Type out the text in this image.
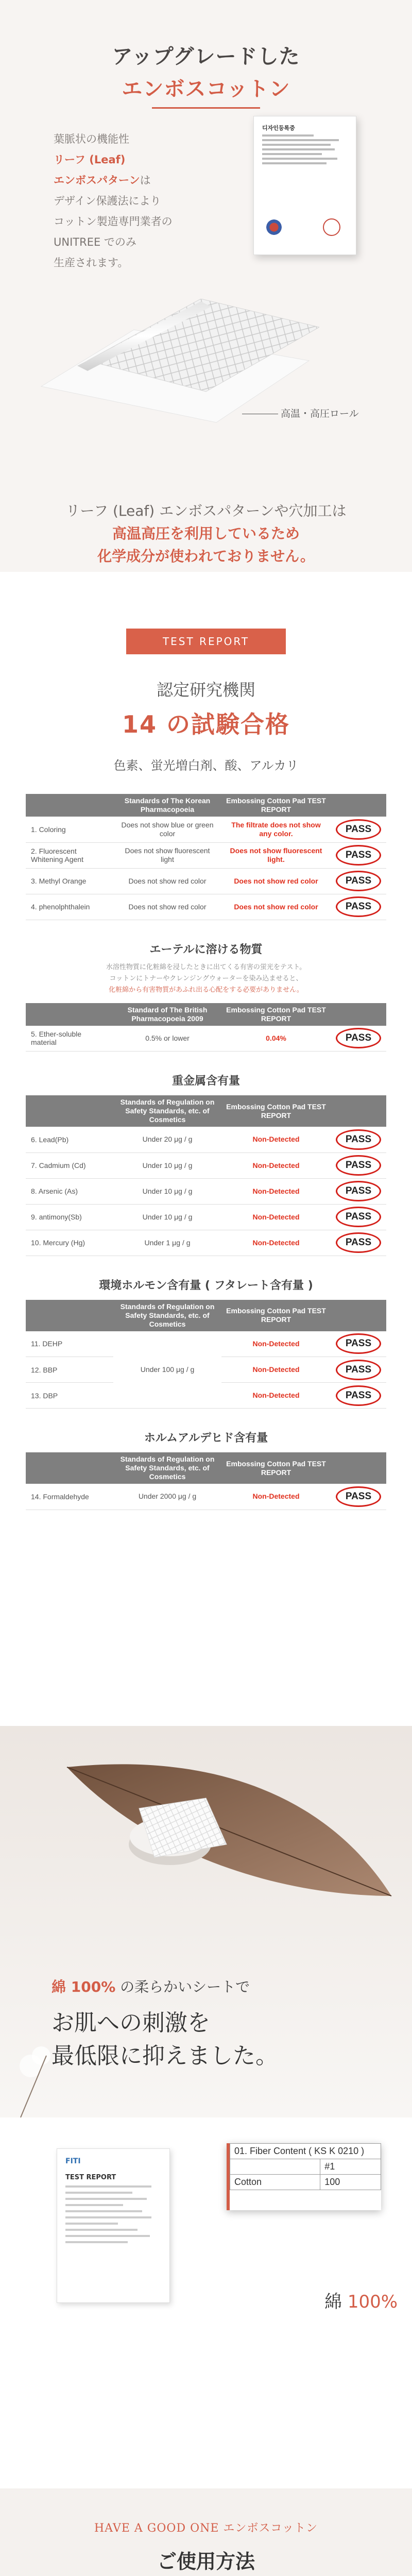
アップグレードした
エンボスコットン
葉脈状の機能性
リーフ (Leaf)
エンボスパターンは
デザイン保護法により
コットン製造専門業者の
UNITREE でのみ
生産されます。
디자인등록증
高温・高圧ロール
リーフ (Leaf) エンボスパターンや穴加工は
高温高圧を利用しているため
化学成分が使われておりません。
TEST REPORT
認定研究機関
14 の試験合格
色素、蛍光増白剤、酸、アルカリ
	Standards of The Korean Pharmacopoeia	Embossing Cotton Pad TEST REPORT	
1. Coloring	Does not show blue or green color	The filtrate does not show any color.	PASS
2. Fluorescent Whitening Agent	Does not show fluorescent light	Does not show fluorescent light.	PASS
3. Methyl Orange	Does not show red color	Does not show red color	PASS
4. phenolphthalein	Does not show red color	Does not show red color	PASS
エーテルに溶ける物質
水溶性物質に化粧綿を浸したときに出てくる有害の蛍光をテスト。
コットンにトナーやクレンジングウォーターを染み込ませると、
化粧綿から有害物質があふれ出る心配をする必要がありません。
	Standard of The British Pharmacopoeia 2009	Embossing Cotton Pad TEST REPORT	
5. Ether-soluble material	0.5% or lower	0.04%	PASS
重金属含有量
	Standards of Regulation on Safety Standards, etc. of Cosmetics	Embossing Cotton Pad TEST REPORT	
6. Lead(Pb)	Under 20 μg / g	Non-Detected	PASS
7. Cadmium (Cd)	Under 10 μg / g	Non-Detected	PASS
8. Arsenic (As)	Under 10 μg / g	Non-Detected	PASS
9. antimony(Sb)	Under 10 μg / g	Non-Detected	PASS
10. Mercury (Hg)	Under 1 μg / g	Non-Detected	PASS
環境ホルモン含有量 ( フタレート含有量 )
	Standards of Regulation on Safety Standards, etc. of Cosmetics	Embossing Cotton Pad TEST REPORT	
11. DEHP	Under 100 μg / g	Non-Detected	PASS
12. BBP		Non-Detected	PASS
13. DBP		Non-Detected	PASS
ホルムアルデヒド含有量
	Standards of Regulation on Safety Standards, etc. of Cosmetics	Embossing Cotton Pad TEST REPORT	
14. Formaldehyde	Under 2000 μg / g	Non-Detected	PASS
綿 100% の柔らかいシートで
お肌への刺激を
最低限に抑えました。
FITI
TEST REPORT
01. Fiber Content ( KS K 0210 )	
	#1
Cotton	100
綿 100%
HAVE A GOOD ONE エンボスコットン
ご使用方法
